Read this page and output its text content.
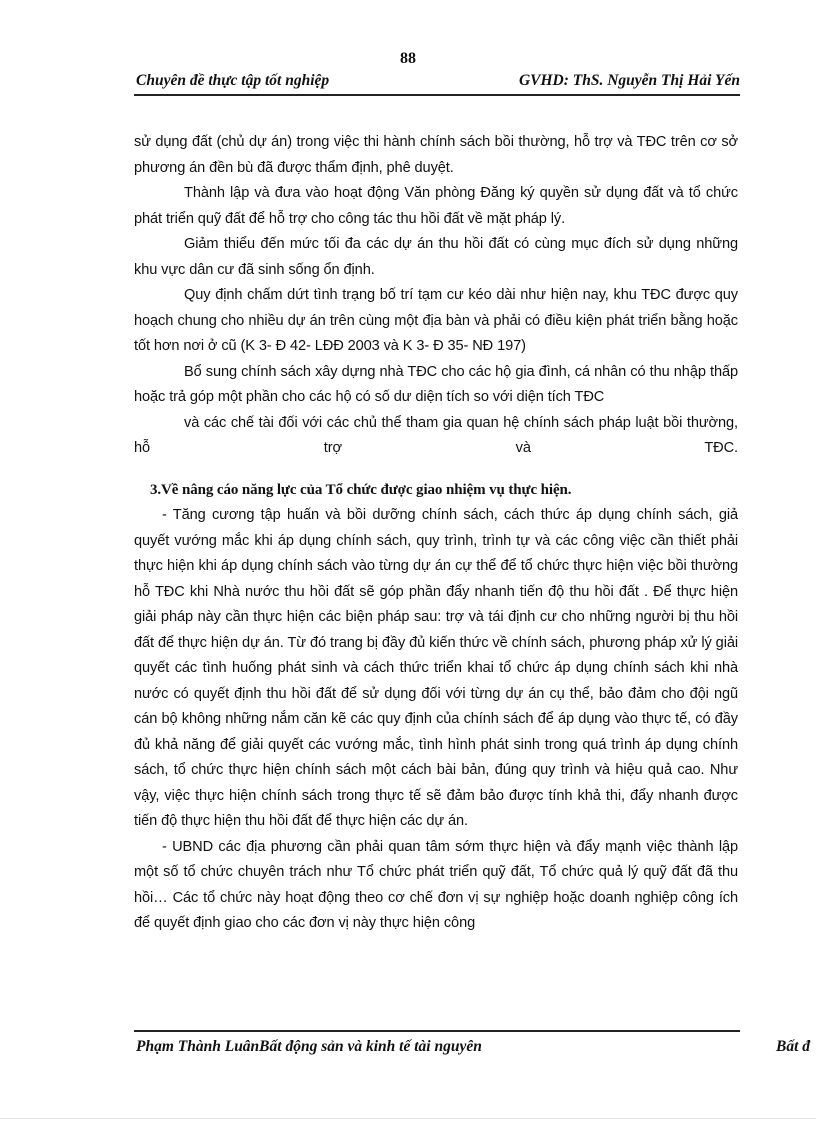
88
Chuyên đề thực tập tốt nghiệp	GVHD: ThS. Nguyễn Thị Hải Yến

sử dụng đất (chủ dự án) trong việc thi hành chính sách bồi thường, hỗ trợ và TĐC trên cơ sở phương án đền bù đã được thẩm định, phê duyệt.

Thành lập và đưa vào hoạt động Văn phòng Đăng ký quyền sử dụng đất và tổ chức phát triển quỹ đất để hỗ trợ cho công tác thu hồi đất về mặt pháp lý.

Giảm thiểu đến mức tối đa các dự án thu hồi đất có cùng mục đích sử dụng những khu vực dân cư đã sinh sống ổn định.

Quy định chấm dứt tình trạng bố trí tạm cư kéo dài như hiện nay, khu TĐC được quy hoạch chung cho nhiều dự án trên cùng một địa bàn và phải có điều kiện phát triển bằng hoặc tốt hơn nơi ở cũ (K 3- Đ 42- LĐĐ 2003 và K 3- Đ 35- NĐ 197)

Bổ sung chính sách xây dựng nhà TĐC cho các hộ gia đình, cá nhân có thu nhập thấp hoặc trả góp một phần cho các hộ có số dư diện tích so với diện tích TĐC

và các chế tài đối với các chủ thể tham gia quan hệ chính sách pháp luật bồi thường, hỗ trợ và TĐC.

3.Về nâng cáo năng lực của Tổ chức được giao nhiệm vụ thực hiện.

- Tăng cương tập huấn và bồi dưỡng chính sách, cách thức áp dụng chính sách, giả quyết vướng mắc khi áp dụng chính sách, quy trình, trình tự và các công việc cần thiết phải thực hiện khi áp dụng chính sách vào từng dự án cự thể để tổ chức thực hiện việc bồi thường hỗ TĐC khi Nhà nước thu hồi đất sẽ góp phần đẩy nhanh tiến độ thu hồi đất . Để thực hiện giải pháp này cần thực hiện các biện pháp sau: trợ và tái định cư cho những người bị thu hồi đất để thực hiện dự án. Từ đó trang bị đầy đủ kiến thức về chính sách, phương pháp xử lý giải quyết các tình huống phát sinh và cách thức triển khai tổ chức áp dụng chính sách khi nhà nước có quyết định thu hồi đất để sử dụng đối với từng dự án cụ thể, bảo đảm cho đội ngũ cán bộ không những nắm căn kẽ các quy định của chính sách để áp dụng vào thực tế, có đầy đủ khả năng để giải quyết các vướng mắc, tình hình phát sinh trong quá trình áp dụng chính sách, tổ chức thực hiện chính sách một cách bài bản, đúng quy trình và hiệu quả cao. Như vậy, việc thực hiện chính sách trong thực tế sẽ đảm bảo được tính khả thi, đẩy nhanh được tiến độ thực hiện thu hồi đất để thực hiện các dự án.

- UBND các địa phương cần phải quan tâm sớm thực hiện và đẩy mạnh việc thành lập một số tổ chức chuyên trách như Tổ chức phát triển quỹ đất, Tổ chức quả lý quỹ đất đã thu hồi… Các tổ chức này hoạt động theo cơ chế đơn vị sự nghiệp hoặc doanh nghiệp công ích để quyết định giao cho các đơn vị này thực hiện công

Phạm Thành LuânBất động sản và kinh tế tài nguyên	Bất đ
